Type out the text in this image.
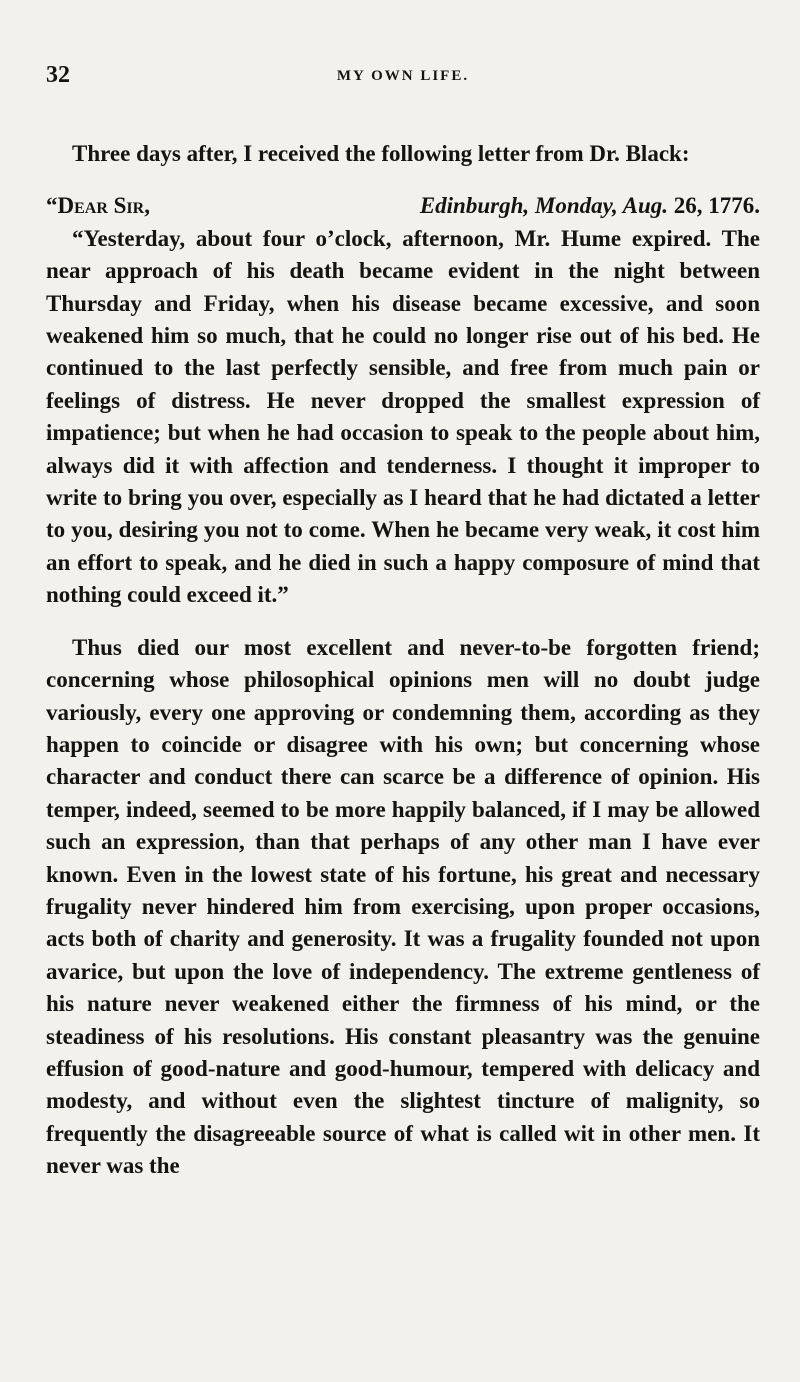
32	MY OWN LIFE.

Three days after, I received the following letter from Dr. Black:

“Dear Sir,	Edinburgh, Monday, Aug. 26, 1776.

“Yesterday, about four o’clock, afternoon, Mr. Hume expired. The near approach of his death became evident in the night between Thursday and Friday, when his disease became excessive, and soon weakened him so much, that he could no longer rise out of his bed. He continued to the last perfectly sensible, and free from much pain or feelings of distress. He never dropped the smallest expression of impatience; but when he had occasion to speak to the people about him, always did it with affection and tenderness. I thought it improper to write to bring you over, especially as I heard that he had dictated a letter to you, desiring you not to come. When he became very weak, it cost him an effort to speak, and he died in such a happy composure of mind that nothing could exceed it.”

Thus died our most excellent and never-to-be forgotten friend; concerning whose philosophical opinions men will no doubt judge variously, every one approving or condemning them, according as they happen to coincide or disagree with his own; but concerning whose character and conduct there can scarce be a difference of opinion. His temper, indeed, seemed to be more happily balanced, if I may be allowed such an expression, than that perhaps of any other man I have ever known. Even in the lowest state of his fortune, his great and necessary frugality never hindered him from exercising, upon proper occasions, acts both of charity and generosity. It was a frugality founded not upon avarice, but upon the love of independency. The extreme gentleness of his nature never weakened either the firmness of his mind, or the steadiness of his resolutions. His constant pleasantry was the genuine effusion of good-nature and good-humour, tempered with delicacy and modesty, and without even the slightest tincture of malignity, so frequently the disagreeable source of what is called wit in other men. It never was the
